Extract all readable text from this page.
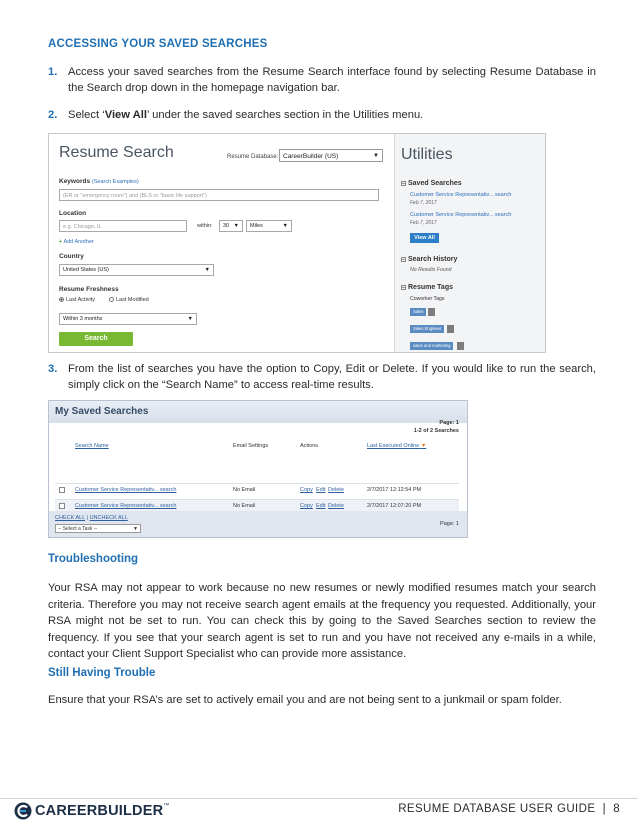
ACCESSING YOUR SAVED SEARCHES
1. Access your saved searches from the Resume Search interface found by selecting Resume Database in the Search drop down in the homepage navigation bar.
2. Select ‘View All’ under the saved searches section in the Utilities menu.
Resume Search	Resume Database: CareerBuilder (US)	▼
Keywords (Search Examples)
(ER or "emergency room") and (BLS or "basic life support")
Location
e.g. Chicago, IL	within:	30 ▼	Miles	▼
+ Add Another
Country
United States (US)	▼
Resume Freshness
Last Activity	Last Modified
Within 3 months	▼
Search
Utilities
– Saved Searches
Customer Service Representativ... search
Feb 7, 2017
Customer Service Representativ... search
Feb 7, 2017
View All
– Search History
No Results Found
– Resume Tags
Coworker Tags
Sales
Sales Engineer
sales and marketing
3. From the list of searches you have the option to Copy, Edit or Delete. If you would like to run the search, simply click on the “Search Name” to access real-time results.
My Saved Searches
Page: 1
1-2 of 2 Searches
Search Name	Email Settings	Actions	Last Executed Online ▼
Customer Service Representativ... search	No Email	Copy Edit Delete	2/7/2017 12:12:54 PM
Customer Service Representativ... search	No Email	Copy Edit Delete	2/7/2017 12:07:20 PM
CHECK ALL | UNCHECK ALL
-- Select a Task --	▼
Page: 1
Troubleshooting
Your RSA may not appear to work because no new resumes or newly modified resumes match your search criteria. Therefore you may not receive search agent emails at the frequency you requested. Additionally, your RSA might not be set to run. You can check this by going to the Saved Searches section to review the frequency. If you see that your search agent is set to run and you have not received any e-mails in a while, contact your Client Support Specialist who can provide more assistance.
Still Having Trouble
Ensure that your RSA’s are set to actively email you and are not being sent to a junkmail or spam folder.
CAREERBUILDER™	RESUME DATABASE USER GUIDE | 8
